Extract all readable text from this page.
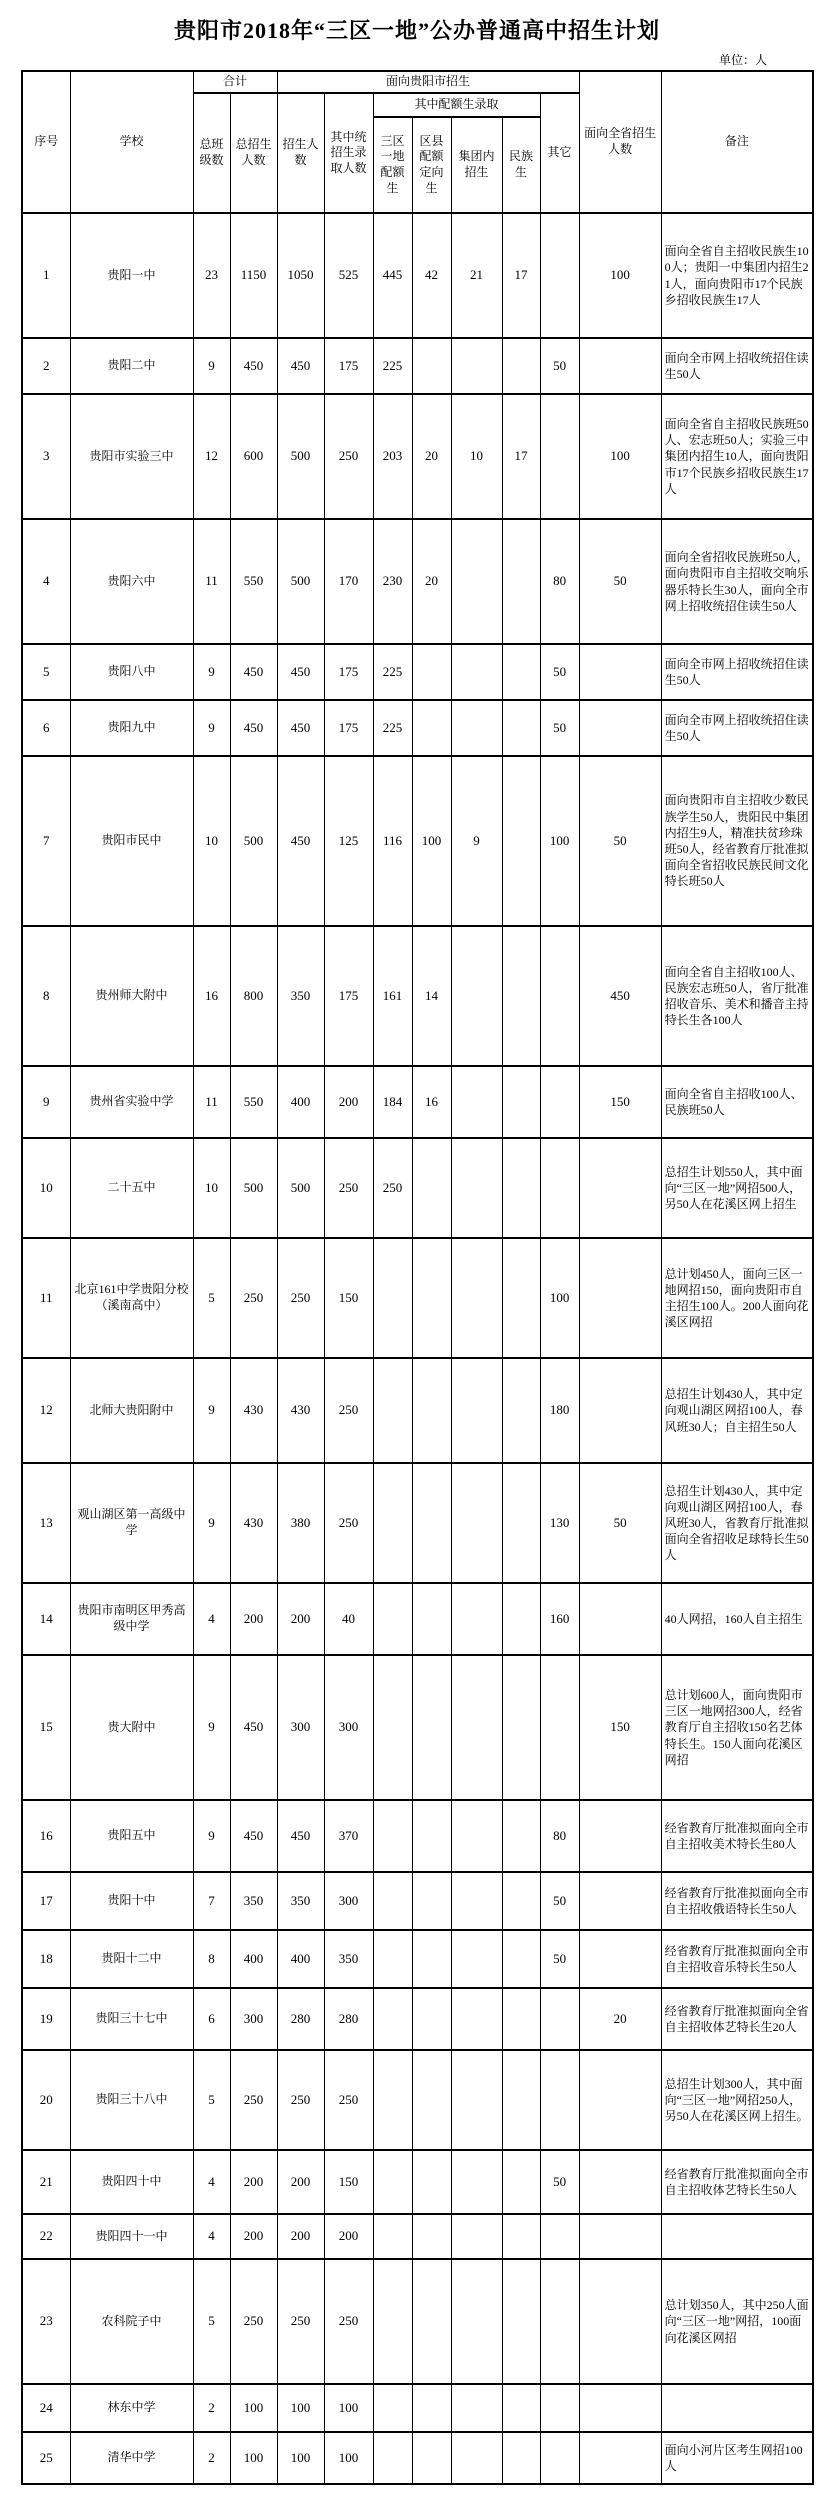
贵阳市2018年“三区一地”公办普通高中招生计划
单位：人
序号	学校	合计		面向贵阳市招生							面向全省招生人数	备注
		总班级数	总招生人数	招生人数	其中统招生录取人数	其中配额生录取				其它		
						三区一地配额生	区县配额定向生	集团内招生	民族生			
1	贵阳一中	23	1150	1050	525	445	42	21	17		100	面向全省自主招收民族生100人；贵阳一中集团内招生21人，面向贵阳市17个民族乡招收民族生17人
2	贵阳二中	9	450	450	175	225				50		面向全市网上招收统招住读生50人
3	贵阳市实验三中	12	600	500	250	203	20	10	17		100	面向全省自主招收民族班50人、宏志班50人；实验三中集团内招生10人，面向贵阳市17个民族乡招收民族生17人
4	贵阳六中	11	550	500	170	230	20			80	50	面向全省招收民族班50人，面向贵阳市自主招收交响乐器乐特长生30人，面向全市网上招收统招住读生50人
5	贵阳八中	9	450	450	175	225				50		面向全市网上招收统招住读生50人
6	贵阳九中	9	450	450	175	225				50		面向全市网上招收统招住读生50人
7	贵阳市民中	10	500	450	125	116	100	9		100	50	面向贵阳市自主招收少数民族学生50人，贵阳民中集团内招生9人，精准扶贫珍珠班50人，经省教育厅批准拟面向全省招收民族民间文化特长班50人
8	贵州师大附中	16	800	350	175	161	14				450	面向全省自主招收100人、民族宏志班50人，省厅批准招收音乐、美术和播音主持特长生各100人
9	贵州省实验中学	11	550	400	200	184	16				150	面向全省自主招收100人、民族班50人
10	二十五中	10	500	500	250	250						总招生计划550人，其中面向“三区一地”网招500人，另50人在花溪区网上招生
11	北京161中学贵阳分校（溪南高中）	5	250	250	150					100		总计划450人，面向三区一地网招150，面向贵阳市自主招生100人。200人面向花溪区网招
12	北师大贵阳附中	9	430	430	250					180		总招生计划430人，其中定向观山湖区网招100人，春风班30人；自主招生50人
13	观山湖区第一高级中学	9	430	380	250					130	50	总招生计划430人，其中定向观山湖区网招100人，春风班30人，省教育厅批准拟面向全省招收足球特长生50人
14	贵阳市南明区甲秀高级中学	4	200	200	40					160		40人网招，160人自主招生
15	贵大附中	9	450	300	300						150	总计划600人，面向贵阳市三区一地网招300人，经省教育厅自主招收150名艺体特长生。150人面向花溪区网招
16	贵阳五中	9	450	450	370					80		经省教育厅批准拟面向全市自主招收美术特长生80人
17	贵阳十中	7	350	350	300					50		经省教育厅批准拟面向全市自主招收俄语特长生50人
18	贵阳十二中	8	400	400	350					50		经省教育厅批准拟面向全市自主招收音乐特长生50人
19	贵阳三十七中	6	300	280	280						20	经省教育厅批准拟面向全省自主招收体艺特长生20人
20	贵阳三十八中	5	250	250	250							总招生计划300人，其中面向“三区一地”网招250人，另50人在花溪区网上招生。
21	贵阳四十中	4	200	200	150					50		经省教育厅批准拟面向全市自主招收体艺特长生50人
22	贵阳四十一中	4	200	200	200							
23	农科院子中	5	250	250	250							总计划350人，其中250人面向“三区一地”网招，100面向花溪区网招
24	林东中学	2	100	100	100							
25	清华中学	2	100	100	100							面向小河片区考生网招100人
